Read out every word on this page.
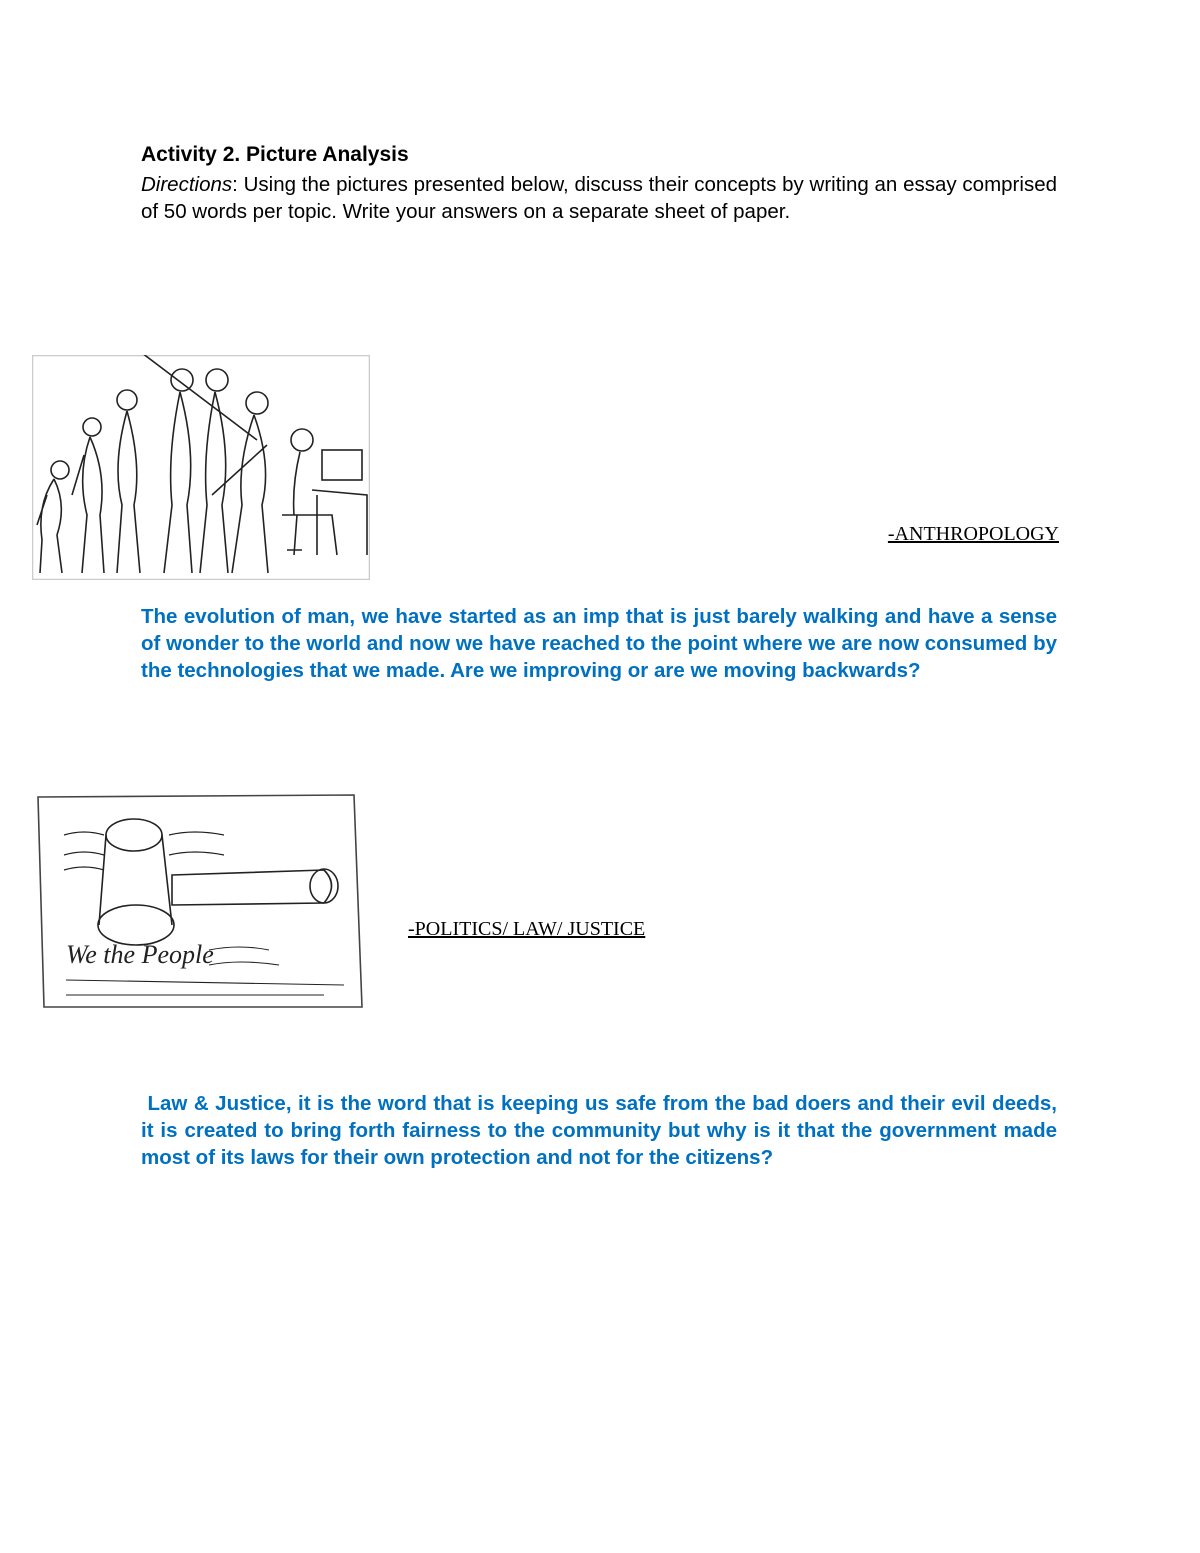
Activity 2. Picture Analysis
Directions: Using the pictures presented below, discuss their concepts by writing an essay comprised of 50 words per topic. Write your answers on a separate sheet of paper.
-ANTHROPOLOGY
The evolution of man, we have started as an imp that is just barely walking and have a sense of wonder to the world and now we have reached to the point where we are now consumed by the technologies that we made. Are we improving or are we moving backwards?
We the People
-POLITICS/ LAW/ JUSTICE
Law & Justice, it is the word that is keeping us safe from the bad doers and their evil deeds, it is created to bring forth fairness to the community but why is it that the government made most of its laws for their own protection and not for the citizens?
